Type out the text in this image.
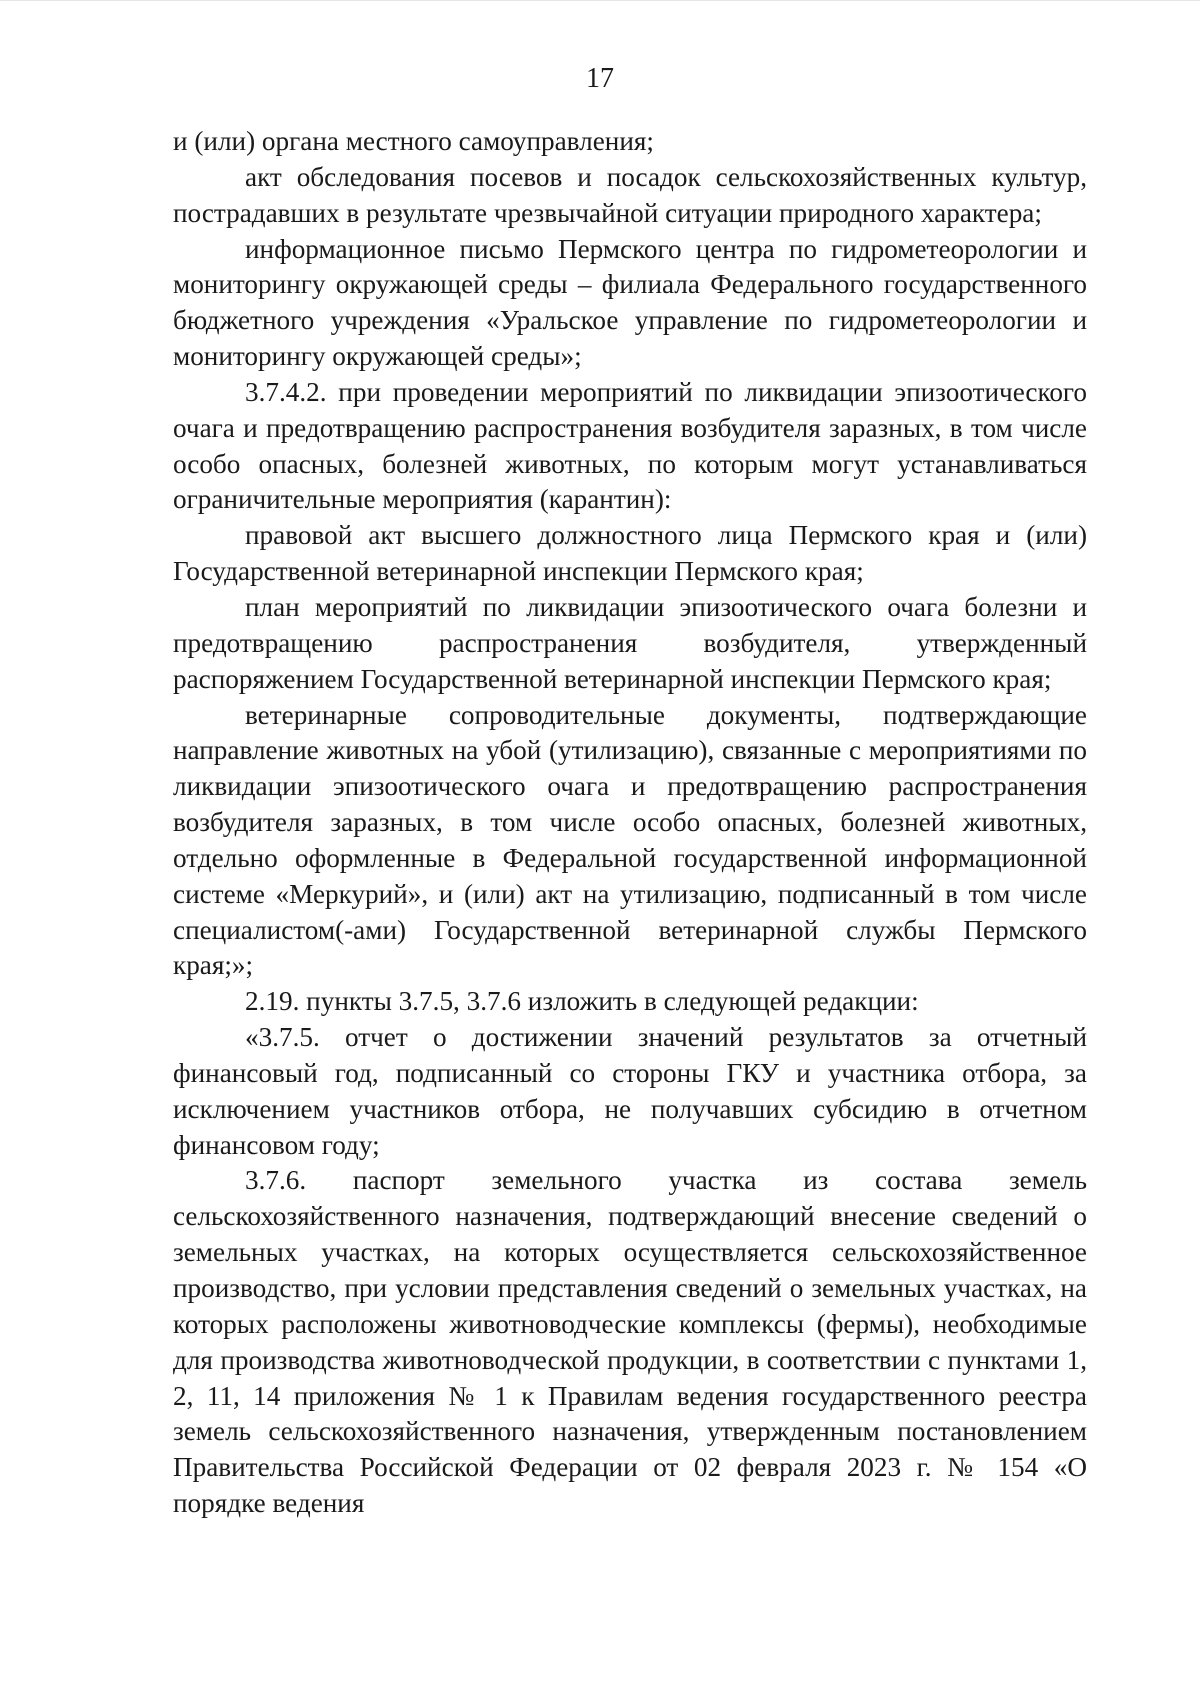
17

и (или) органа местного самоуправления;

акт обследования посевов и посадок сельскохозяйственных культур, пострадавших в результате чрезвычайной ситуации природного характера;

информационное письмо Пермского центра по гидрометеорологии и мониторингу окружающей среды – филиала Федерального государственного бюджетного учреждения «Уральское управление по гидрометеорологии и мониторингу окружающей среды»;

3.7.4.2. при проведении мероприятий по ликвидации эпизоотического очага и предотвращению распространения возбудителя заразных, в том числе особо опасных, болезней животных, по которым могут устанавливаться ограничительные мероприятия (карантин):

правовой акт высшего должностного лица Пермского края и (или) Государственной ветеринарной инспекции Пермского края;

план мероприятий по ликвидации эпизоотического очага болезни и предотвращению распространения возбудителя, утвержденный распоряжением Государственной ветеринарной инспекции Пермского края;

ветеринарные сопроводительные документы, подтверждающие направление животных на убой (утилизацию), связанные с мероприятиями по ликвидации эпизоотического очага и предотвращению распространения возбудителя заразных, в том числе особо опасных, болезней животных, отдельно оформленные в Федеральной государственной информационной системе «Меркурий», и (или) акт на утилизацию, подписанный в том числе специалистом(-ами) Государственной ветеринарной службы Пермского края;»;

2.19. пункты 3.7.5, 3.7.6 изложить в следующей редакции:

«3.7.5. отчет о достижении значений результатов за отчетный финансовый год, подписанный со стороны ГКУ и участника отбора, за исключением участников отбора, не получавших субсидию в отчетном финансовом году;

3.7.6. паспорт земельного участка из состава земель сельскохозяйственного назначения, подтверждающий внесение сведений о земельных участках, на которых осуществляется сельскохозяйственное производство, при условии представления сведений о земельных участках, на которых расположены животноводческие комплексы (фермы), необходимые для производства животноводческой продукции, в соответствии с пунктами 1, 2, 11, 14 приложения № 1 к Правилам ведения государственного реестра земель сельскохозяйственного назначения, утвержденным постановлением Правительства Российской Федерации от 02 февраля 2023 г. № 154 «О порядке ведения
